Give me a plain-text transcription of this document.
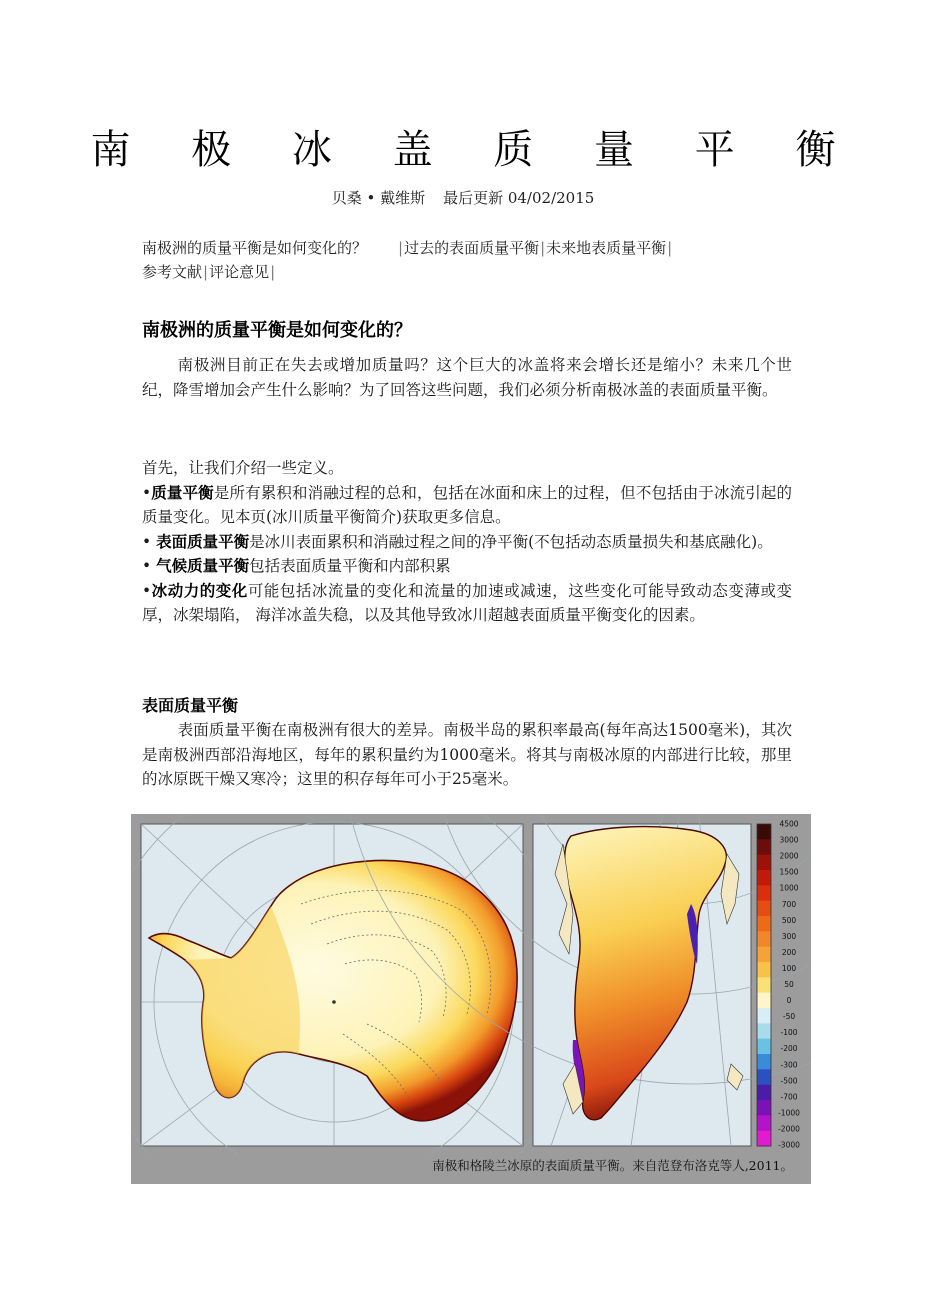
南 极 冰 盖 质 量 平 衡
贝桑 • 戴维斯 最后更新 04/02/2015
南极洲的质量平衡是如何变化的？ |过去的表面质量平衡|未来地表质量平衡|
参考文献|评论意见|
南极洲的质量平衡是如何变化的？

南极洲目前正在失去或增加质量吗？这个巨大的冰盖将来会增长还是缩小？未来几个世纪，降雪增加会产生什么影响？为了回答这些问题，我们必须分析南极冰盖的表面质量平衡。

首先，让我们介绍一些定义。
•质量平衡是所有累积和消融过程的总和，包括在冰面和床上的过程，但不包括由于冰流引起的质量变化。见本页(冰川质量平衡简介)获取更多信息。
• 表面质量平衡是冰川表面累积和消融过程之间的净平衡(不包括动态质量损失和基底融化)。
• 气候质量平衡包括表面质量平衡和内部积累
•冰动力的变化可能包括冰流量的变化和流量的加速或减速，这些变化可能导致动态变薄或变厚，冰架塌陷， 海洋冰盖失稳，以及其他导致冰川超越表面质量平衡变化的因素。
表面质量平衡

表面质量平衡在南极洲有很大的差异。南极半岛的累积率最高(每年高达1500毫米)，其次是南极洲西部沿海地区，每年的累积量约为1000毫米。将其与南极冰原的内部进行比较，那里的冰原既干燥又寒冷；这里的积存每年可小于25毫米。

4500
3000
2000
1500
1000
700
500
300
200
100
50
0
-50
-100
-200
-300
-500
-700
-1000
-2000
-3000
南极和格陵兰冰原的表面质量平衡。来自范登布洛克等人,2011。
